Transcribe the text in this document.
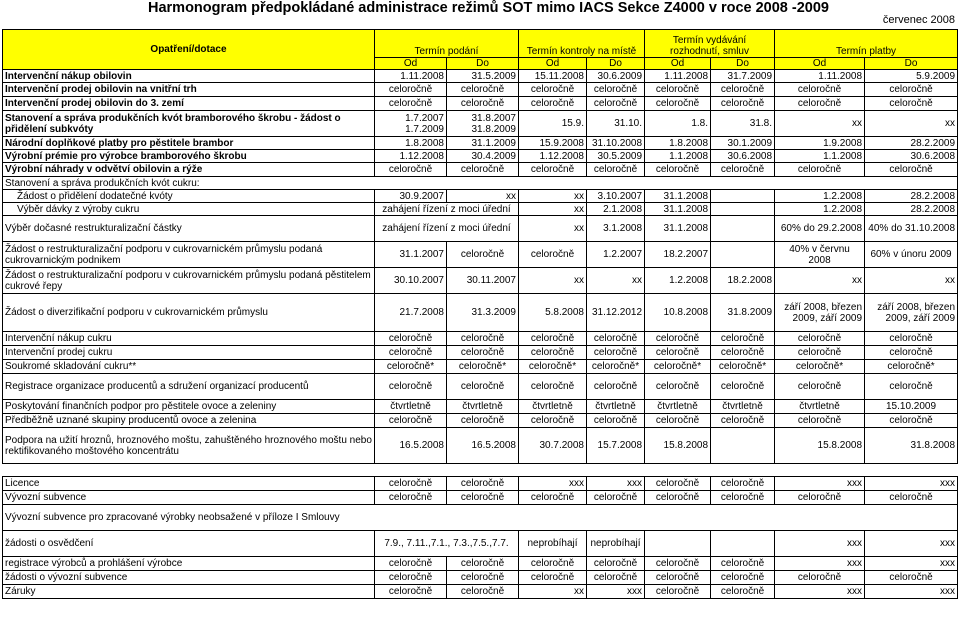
Harmonogram předpokládané administrace režimů SOT mimo IACS Sekce Z4000 v roce 2008 -2009
červenec 2008
Opatření/dotace	Termín podání		Termín kontroly na místě		Termín vydávání rozhodnutí, smluv		Termín platby	
	Od	Do	Od	Do	Od	Do	Od	Do
Intervenční nákup obilovin	1.11.2008	31.5.2009	15.11.2008	30.6.2009	1.11.2008	31.7.2009	1.11.2008	5.9.2009
Intervenční prodej obilovin na vnitřní trh	celoročně	celoročně	celoročně	celoročně	celoročně	celoročně	celoročně	celoročně
Intervenční prodej obilovin do 3. zemí	celoročně	celoročně	celoročně	celoročně	celoročně	celoročně	celoročně	celoročně
Stanovení a správa produkčních kvót bramborového škrobu - žádost o přidělení subkvóty	1.7.2007 1.7.2009	31.8.2007 31.8.2009	15.9.	31.10.	1.8.	31.8.	xx	xx
Národní doplňkové platby pro pěstitele brambor	1.8.2008	31.1.2009	15.9.2008	31.10.2008	1.8.2008	30.1.2009	1.9.2008	28.2.2009
Výrobní prémie pro výrobce bramborového škrobu	1.12.2008	30.4.2009	1.12.2008	30.5.2009	1.1.2008	30.6.2008	1.1.2008	30.6.2008
Výrobní náhrady v odvětví obilovin a rýže	celoročně	celoročně	celoročně	celoročně	celoročně	celoročně	celoročně	celoročně
Stanovení a správa produkčních kvót cukru:								
Žádost o přidělení dodatečné kvóty	30.9.2007	xx	xx	3.10.2007	31.1.2008		1.2.2008	28.2.2008
Výběr dávky z výroby cukru	zahájení řízení z moci úřední		xx	2.1.2008	31.1.2008		1.2.2008	28.2.2008
Výběr dočasné restrukturalizační částky	zahájení řízení z moci úřední		xx	3.1.2008	31.1.2008		60% do 29.2.2008	40% do 31.10.2008
Žádost o restrukturalizační podporu v cukrovarnickém průmyslu podaná cukrovarnickým podnikem	31.1.2007	celoročně	celoročně	1.2.2007	18.2.2007		40% v červnu 2008	60% v únoru 2009
Žádost o restrukturalizační podporu v cukrovarnickém průmyslu podaná pěstitelem cukrové řepy	30.10.2007	30.11.2007	xx	xx	1.2.2008	18.2.2008	xx	xx
Žádost o diverzifikační podporu v cukrovarnickém průmyslu	21.7.2008	31.3.2009	5.8.2008	31.12.2012	10.8.2008	31.8.2009	září 2008, březen 2009, září 2009	září 2008, březen 2009, září 2009
Intervenční nákup cukru	celoročně	celoročně	celoročně	celoročně	celoročně	celoročně	celoročně	celoročně
Intervenční prodej cukru	celoročně	celoročně	celoročně	celoročně	celoročně	celoročně	celoročně	celoročně
Soukromé skladování cukru**	celoročně*	celoročně*	celoročně*	celoročně*	celoročně*	celoročně*	celoročně*	celoročně*
Registrace organizace producentů a sdružení organizací producentů	celoročně	celoročně	celoročně	celoročně	celoročně	celoročně	celoročně	celoročně
Poskytování finančních podpor pro pěstitele ovoce a zeleniny	čtvrtletně	čtvrtletně	čtvrtletně	čtvrtletně	čtvrtletně	čtvrtletně	čtvrtletně	15.10.2009
Předběžně uznané skupiny producentů ovoce a zelenina	celoročně	celoročně	celoročně	celoročně	celoročně	celoročně	celoročně	celoročně
Podpora na užití hroznů, hroznového moštu, zahuštěného hroznového moštu nebo rektifikovaného moštového koncentrátu	16.5.2008	16.5.2008	30.7.2008	15.7.2008	15.8.2008		15.8.2008	31.8.2008

Licence	celoročně	celoročně	xxx	xxx	celoročně	celoročně	xxx	xxx
Vývozní subvence	celoročně	celoročně	celoročně	celoročně	celoročně	celoročně	celoročně	celoročně
Vývozní subvence pro zpracované výrobky neobsažené v příloze I Smlouvy								
žádosti o osvědčení	7.9., 7.11.,7.1., 7.3.,7.5.,7.7.		neprobíhají	neprobíhají			xxx	xxx
registrace výrobců a prohlášení výrobce	celoročně	celoročně	celoročně	celoročně	celoročně	celoročně	xxx	xxx
žádosti o vývozní subvence	celoročně	celoročně	celoročně	celoročně	celoročně	celoročně	celoročně	celoročně
Záruky	celoročně	celoročně	xx	xxx	celoročně	celoročně	xxx	xxx
